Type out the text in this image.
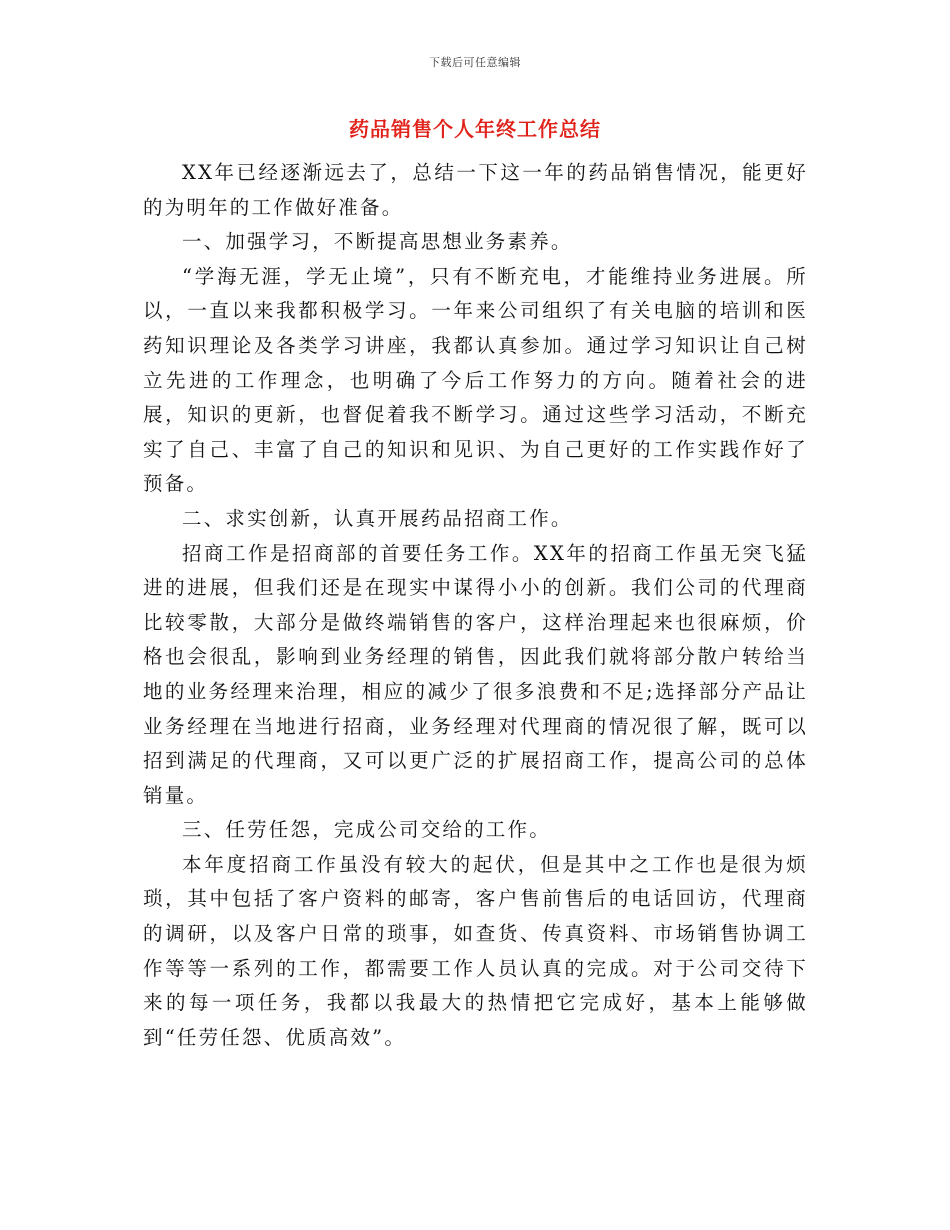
下载后可任意编辑
药品销售个人年终工作总结

XX年已经逐渐远去了，总结一下这一年的药品销售情况，能更好的为明年的工作做好准备。

一、加强学习，不断提高思想业务素养。

“学海无涯，学无止境”，只有不断充电，才能维持业务进展。所以，一直以来我都积极学习。一年来公司组织了有关电脑的培训和医药知识理论及各类学习讲座，我都认真参加。通过学习知识让自己树立先进的工作理念，也明确了今后工作努力的方向。随着社会的进展，知识的更新，也督促着我不断学习。通过这些学习活动，不断充实了自己、丰富了自己的知识和见识、为自己更好的工作实践作好了预备。

二、求实创新，认真开展药品招商工作。

招商工作是招商部的首要任务工作。XX年的招商工作虽无突飞猛进的进展，但我们还是在现实中谋得小小的创新。我们公司的代理商比较零散，大部分是做终端销售的客户，这样治理起来也很麻烦，价格也会很乱，影响到业务经理的销售，因此我们就将部分散户转给当地的业务经理来治理，相应的减少了很多浪费和不足;选择部分产品让业务经理在当地进行招商，业务经理对代理商的情况很了解，既可以招到满足的代理商，又可以更广泛的扩展招商工作，提高公司的总体销量。

三、任劳任怨，完成公司交给的工作。

本年度招商工作虽没有较大的起伏，但是其中之工作也是很为烦琐，其中包括了客户资料的邮寄，客户售前售后的电话回访，代理商的调研，以及客户日常的琐事，如查货、传真资料、市场销售协调工作等等一系列的工作，都需要工作人员认真的完成。对于公司交待下来的每一项任务，我都以我最大的热情把它完成好，基本上能够做到“任劳任怨、优质高效”。
